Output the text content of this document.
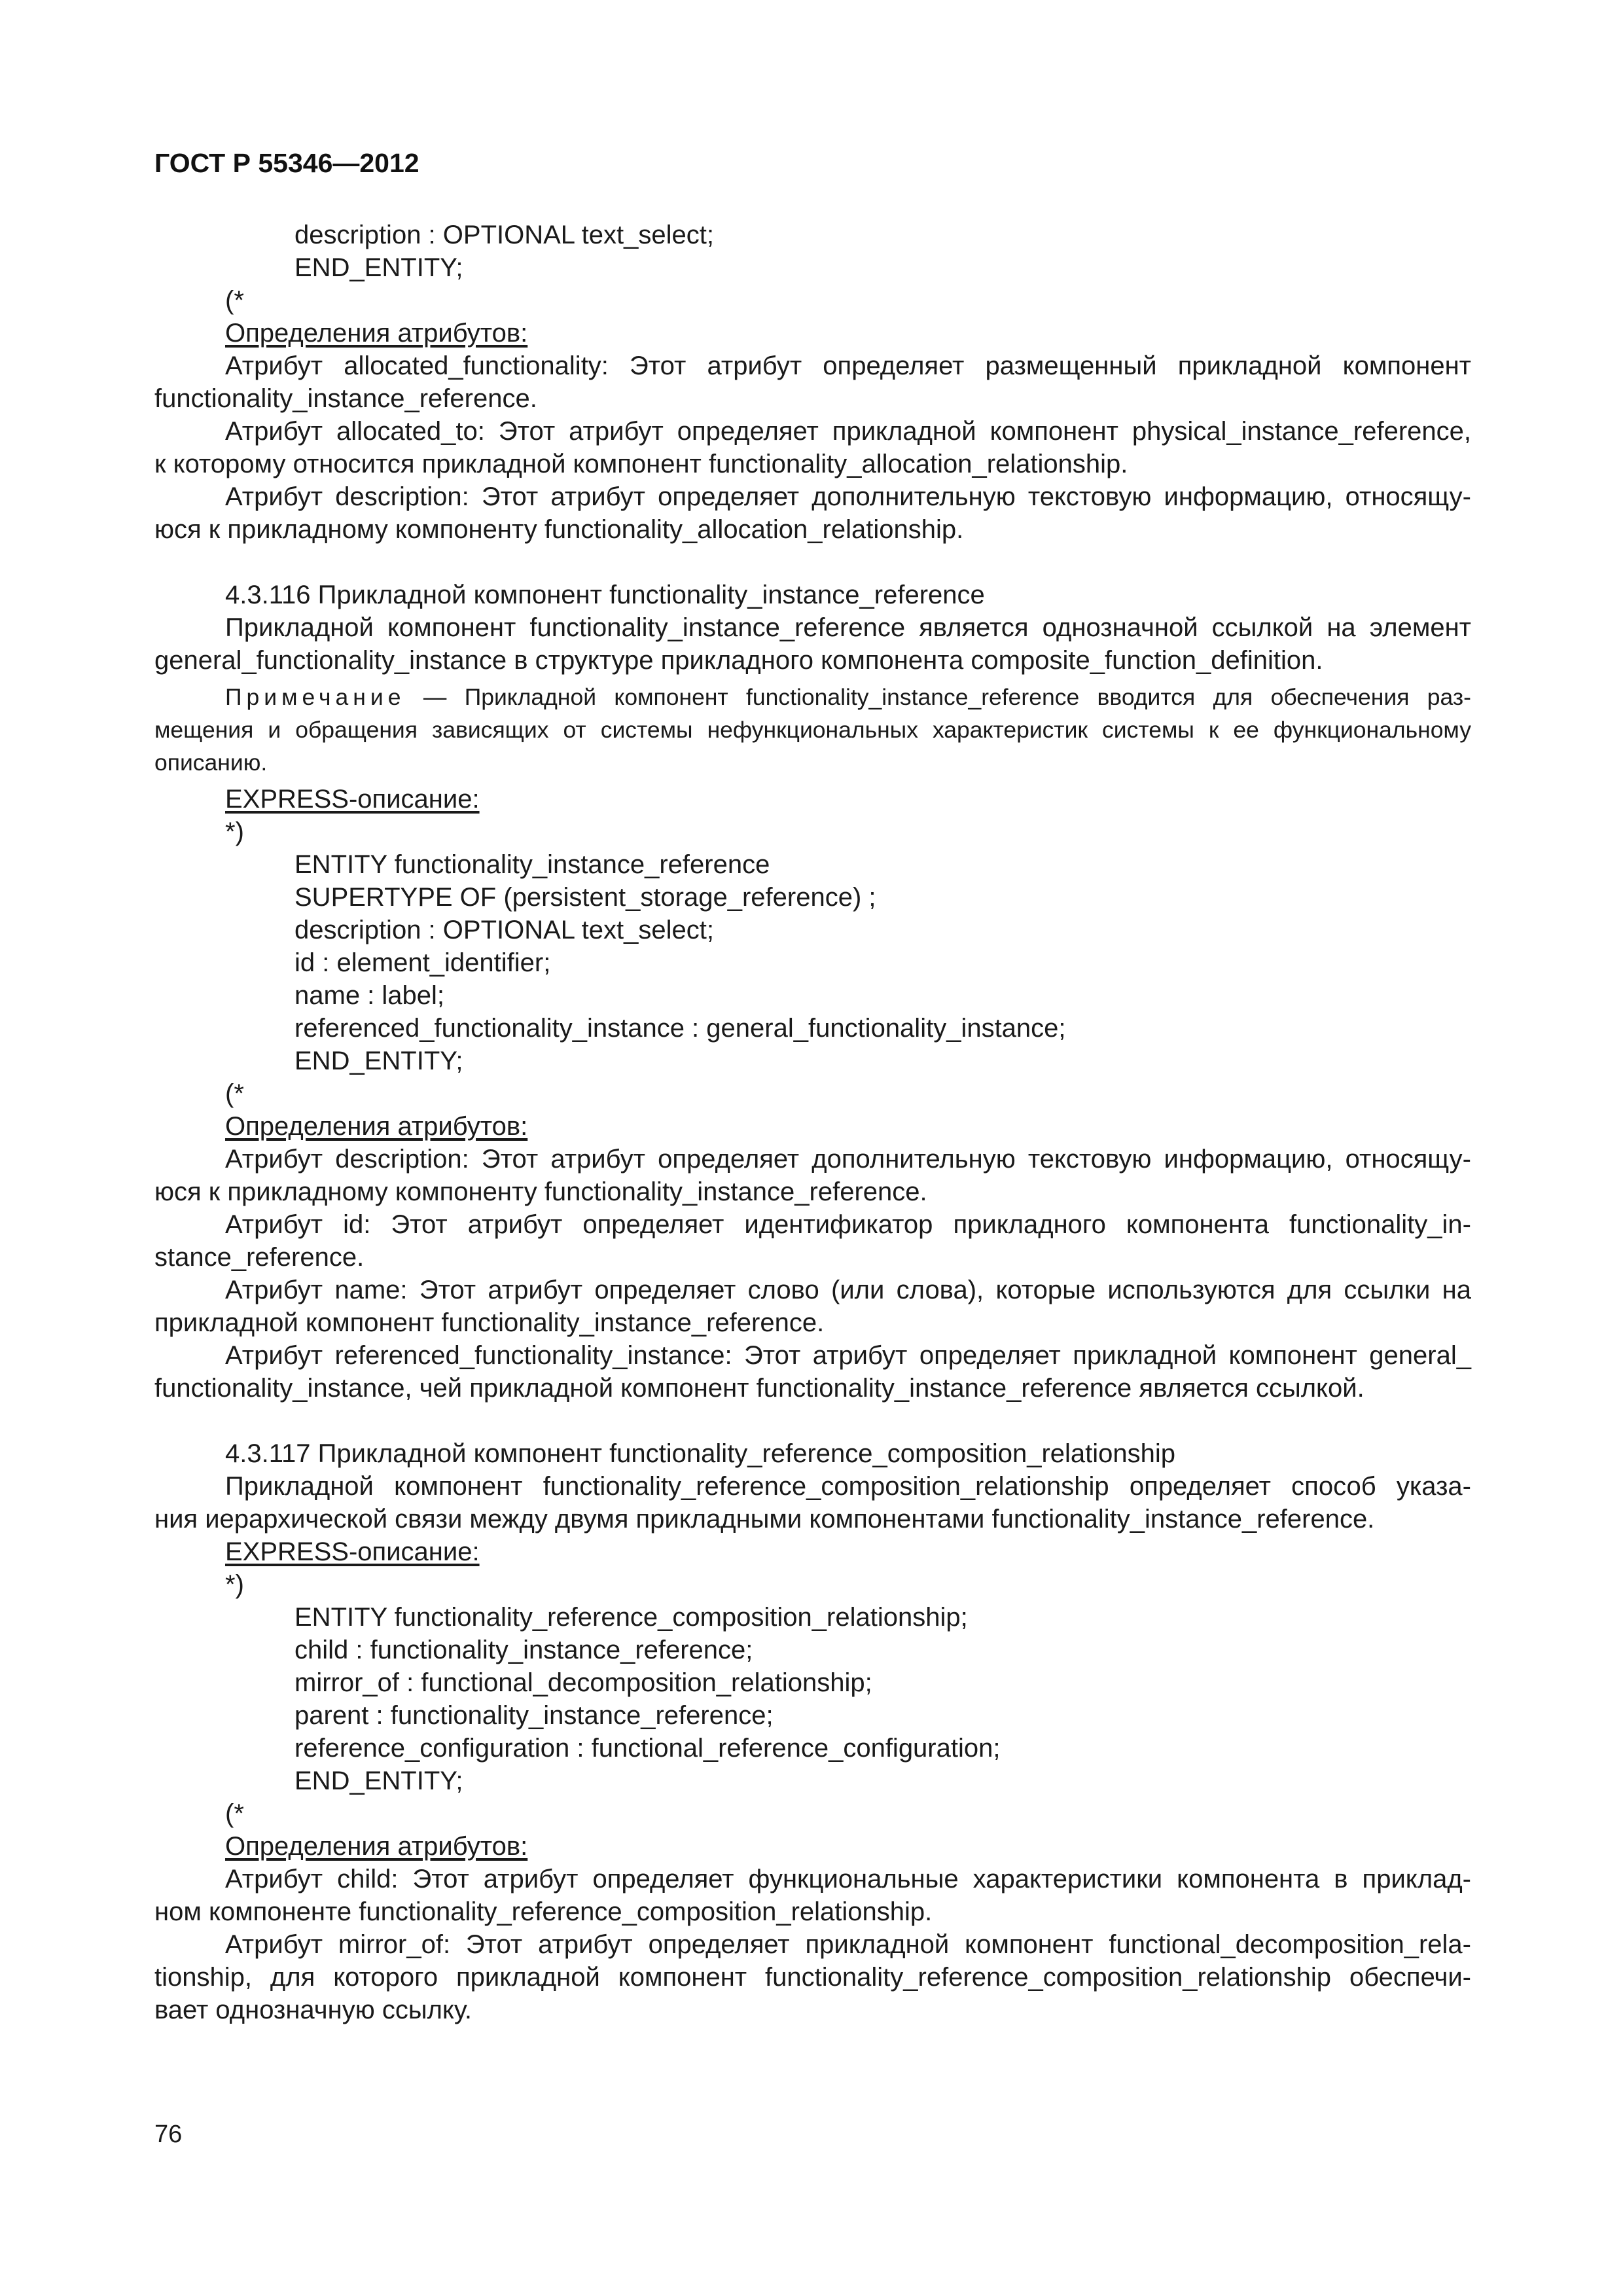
ГОСТ Р 55346—2012
description : OPTIONAL text_select;
END_ENTITY;
(*
Определения атрибутов:
Атрибут allocated_functionality: Этот атрибут определяет размещенный прикладной компонент
functionality_instance_reference.
Атрибут allocated_to: Этот атрибут определяет прикладной компонент physical_instance_reference,
к которому относится прикладной компонент functionality_allocation_relationship.
Атрибут description: Этот атрибут определяет дополнительную текстовую информацию, относящу-
юся к прикладному компоненту functionality_allocation_relationship.
4.3.116 Прикладной компонент functionality_instance_reference
Прикладной компонент functionality_instance_reference является однозначной ссылкой на элемент
general_functionality_instance в структуре прикладного компонента composite_function_definition.
Примечание — Прикладной компонент functionality_instance_reference вводится для обеспечения раз-
мещения и обращения зависящих от системы нефункциональных характеристик системы к ее функциональному
описанию.
EXPRESS-описание:
*)
ENTITY functionality_instance_reference
SUPERTYPE OF (persistent_storage_reference) ;
description : OPTIONAL text_select;
id : element_identifier;
name : label;
referenced_functionality_instance : general_functionality_instance;
END_ENTITY;
(*
Определения атрибутов:
Атрибут description: Этот атрибут определяет дополнительную текстовую информацию, относящу-
юся к прикладному компоненту functionality_instance_reference.
Атрибут id: Этот атрибут определяет идентификатор прикладного компонента functionality_in-
stance_reference.
Атрибут name: Этот атрибут определяет слово (или слова), которые используются для ссылки на
прикладной компонент functionality_instance_reference.
Атрибут referenced_functionality_instance: Этот атрибут определяет прикладной компонент general_
functionality_instance, чей прикладной компонент functionality_instance_reference является ссылкой.
4.3.117 Прикладной компонент functionality_reference_composition_relationship
Прикладной компонент functionality_reference_composition_relationship определяет способ указа-
ния иерархической связи между двумя прикладными компонентами functionality_instance_reference.
EXPRESS-описание:
*)
ENTITY functionality_reference_composition_relationship;
child : functionality_instance_reference;
mirror_of : functional_decomposition_relationship;
parent : functionality_instance_reference;
reference_configuration : functional_reference_configuration;
END_ENTITY;
(*
Определения атрибутов:
Атрибут child: Этот атрибут определяет функциональные характеристики компонента в приклад-
ном компоненте functionality_reference_composition_relationship.
Атрибут mirror_of: Этот атрибут определяет прикладной компонент functional_decomposition_rela-
tionship, для которого прикладной компонент functionality_reference_composition_relationship обеспечи-
вает однозначную ссылку.
76
